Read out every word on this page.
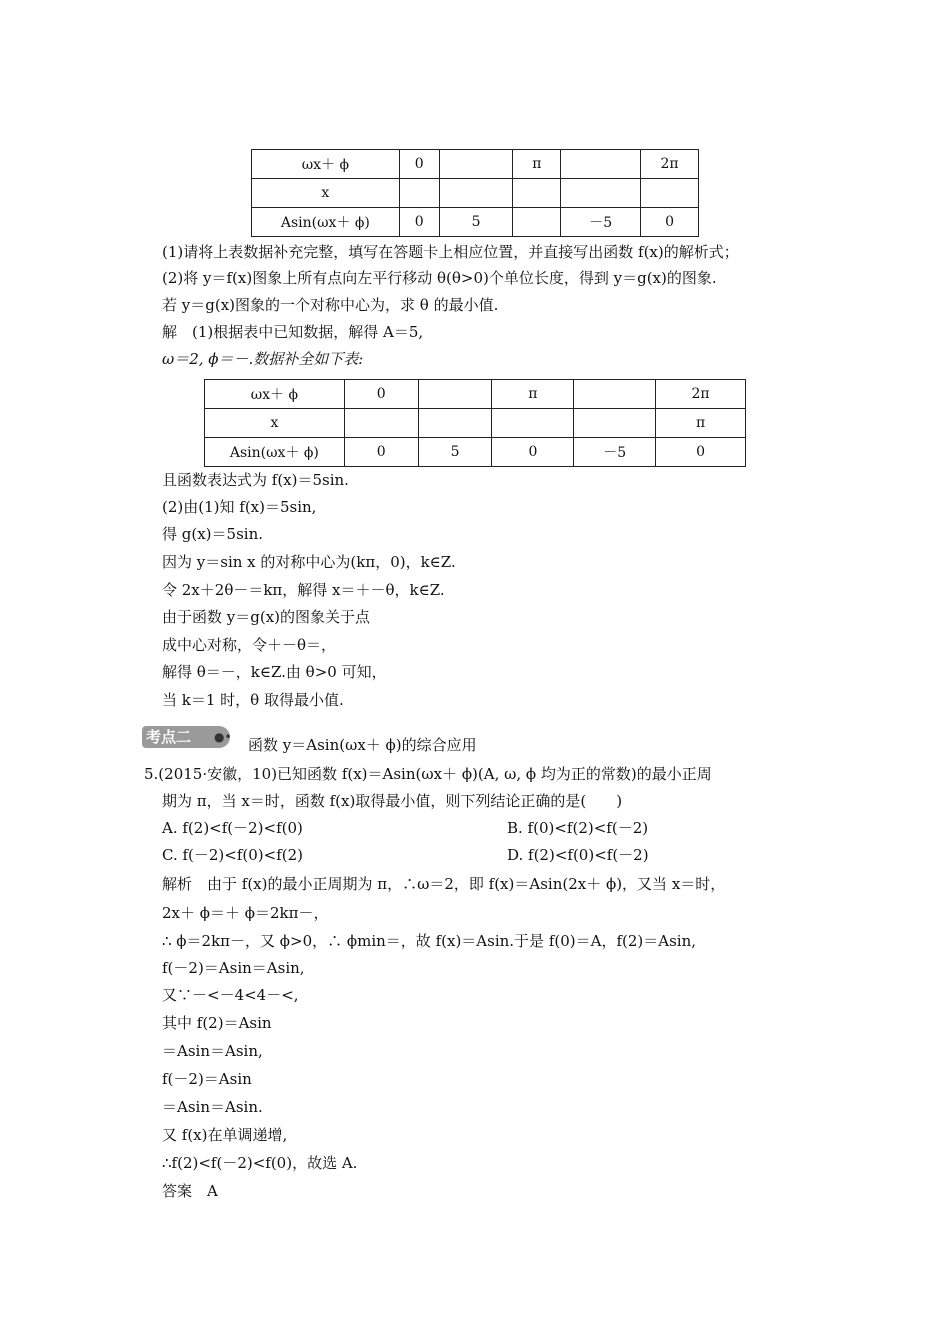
ωx＋ ϕ	0		π		2π
x					
Asin(ωx＋ ϕ)	0	5		－5	0
(1)请将上表数据补充完整，填写在答题卡上相应位置，并直接写出函数 f(x)的解析式；
(2)将 y＝f(x)图象上所有点向左平行移动 θ(θ>0)个单位长度，得到 y＝g(x)的图象.
若 y＝g(x)图象的一个对称中心为，求 θ 的最小值.
解　(1)根据表中已知数据，解得 A＝5,
ω＝2, ϕ＝－.数据补全如下表:
ωx＋ ϕ	0		π		2π
x					π
Asin(ωx＋ ϕ)	0	5	0	－5	0
且函数表达式为 f(x)＝5sin.
(2)由(1)知 f(x)＝5sin,
得 g(x)＝5sin.
因为 y＝sin x 的对称中心为(kπ，0)，k∈Z.
令 2x＋2θ－＝kπ，解得 x＝＋－θ，k∈Z.
由于函数 y＝g(x)的图象关于点
成中心对称，令＋－θ＝，
解得 θ＝－，k∈Z.由 θ>0 可知，
当 k＝1 时，θ 取得最小值.
考点二	●• 函数 y＝Asin(ωx＋ ϕ)的综合应用
5.(2015·安徽，10)已知函数 f(x)＝Asin(ωx＋ ϕ)(A, ω, ϕ 均为正的常数)的最小正周
期为 π，当 x＝时，函数 f(x)取得最小值，则下列结论正确的是(　　)
A. f(2)<f(－2)<f(0)	B. f(0)<f(2)<f(－2)
C. f(－2)<f(0)<f(2)	D. f(2)<f(0)<f(－2)
解析　由于 f(x)的最小正周期为 π，∴ω＝2，即 f(x)＝Asin(2x＋ ϕ)，又当 x＝时，
2x＋ ϕ＝＋ ϕ＝2kπ－，
∴ ϕ＝2kπ－，又 ϕ>0，∴ ϕmin＝，故 f(x)＝Asin.于是 f(0)＝A，f(2)＝Asin,
f(－2)＝Asin＝Asin,
又∵－<－4<4－<,
其中 f(2)＝Asin
＝Asin＝Asin,
f(－2)＝Asin
＝Asin＝Asin.
又 f(x)在单调递增,
∴f(2)<f(－2)<f(0)，故选 A.
答案　A
